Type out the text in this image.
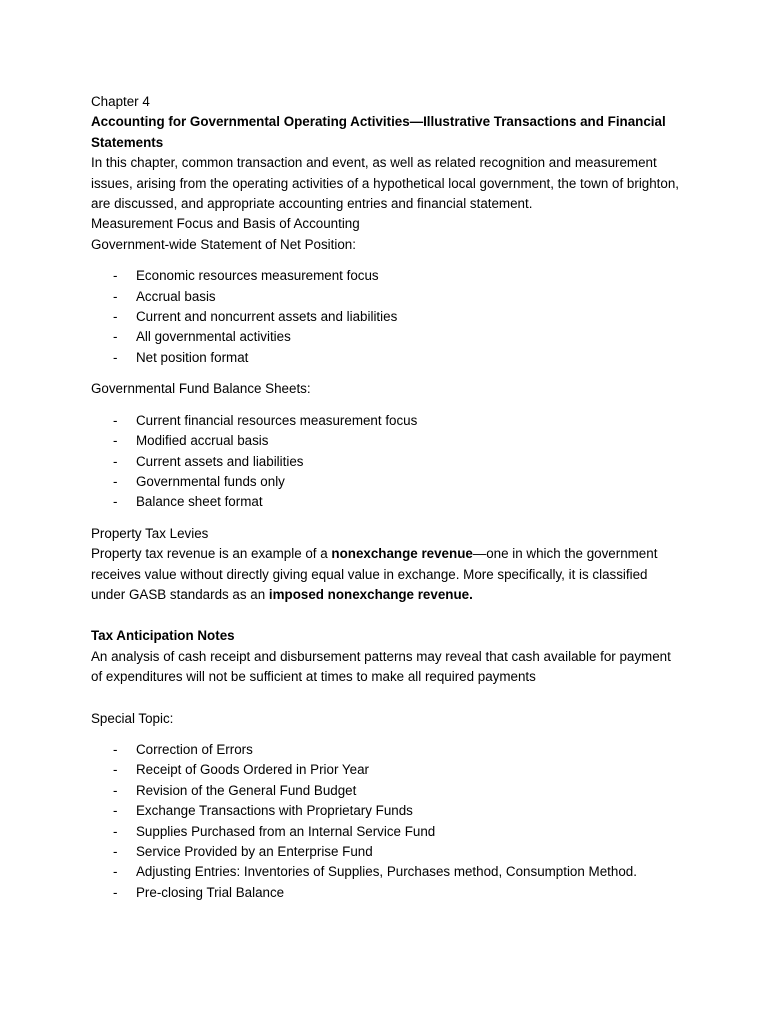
Chapter 4

Accounting for Governmental Operating Activities—Illustrative Transactions and Financial Statements

In this chapter, common transaction and event, as well as related recognition and measurement issues, arising from the operating activities of a hypothetical local government, the town of brighton, are discussed, and appropriate accounting entries and financial statement.

Measurement Focus and Basis of Accounting

Government-wide Statement of Net Position:

- Economic resources measurement focus
- Accrual basis
- Current and noncurrent assets and liabilities
- All governmental activities
- Net position format

Governmental Fund Balance Sheets:

- Current financial resources measurement focus
- Modified accrual basis
- Current assets and liabilities
- Governmental funds only
- Balance sheet format

Property Tax Levies

Property tax revenue is an example of a nonexchange revenue—one in which the government receives value without directly giving equal value in exchange. More specifically, it is classified under GASB standards as an imposed nonexchange revenue.

Tax Anticipation Notes

An analysis of cash receipt and disbursement patterns may reveal that cash available for payment of expenditures will not be sufficient at times to make all required payments

Special Topic:

- Correction of Errors
- Receipt of Goods Ordered in Prior Year
- Revision of the General Fund Budget
- Exchange Transactions with Proprietary Funds
- Supplies Purchased from an Internal Service Fund
- Service Provided by an Enterprise Fund
- Adjusting Entries: Inventories of Supplies, Purchases method, Consumption Method.
- Pre-closing Trial Balance
